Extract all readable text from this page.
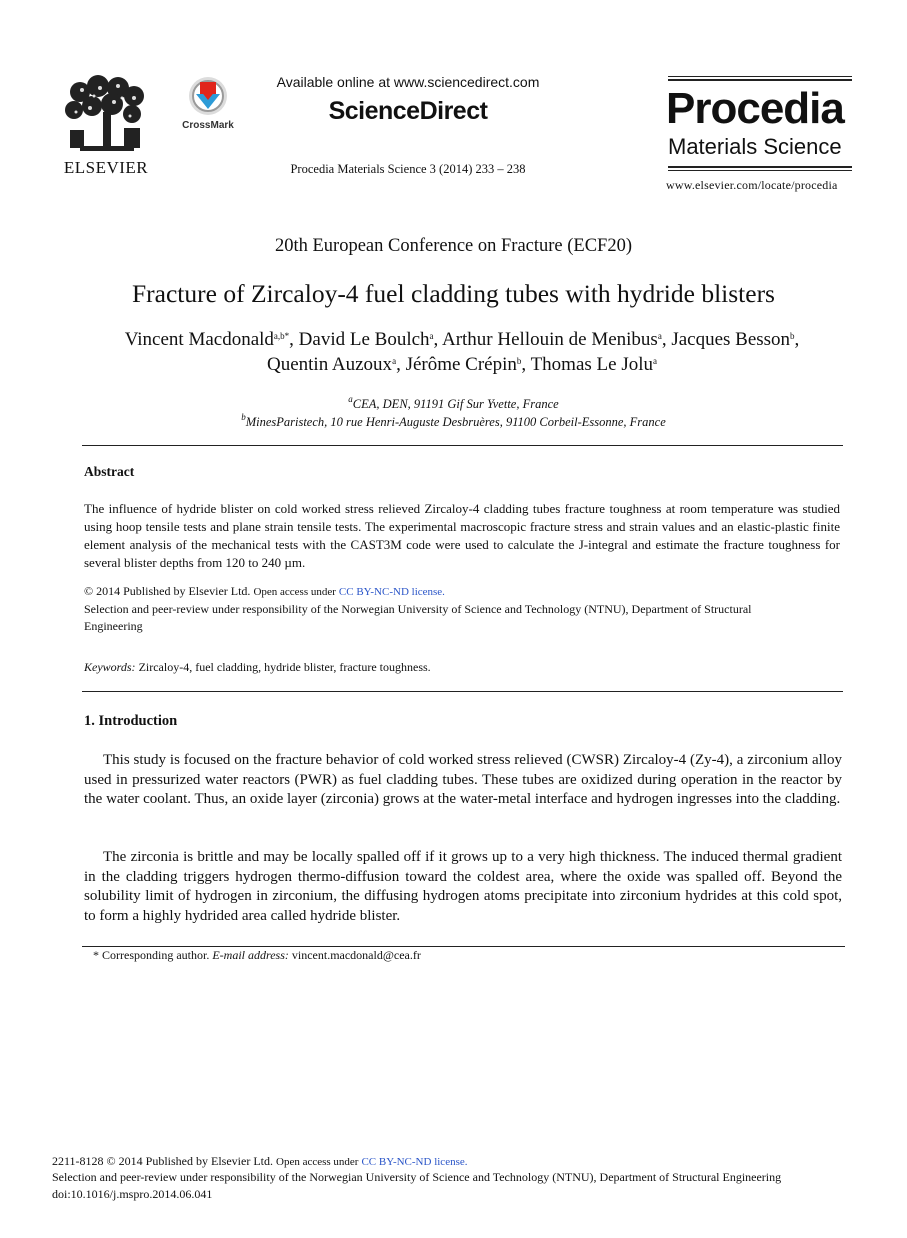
ELSEVIER
CrossMark
Available online at www.sciencedirect.com
ScienceDirect
Procedia Materials Science 3 (2014) 233 – 238
Procedia
Materials Science
www.elsevier.com/locate/procedia
20th European Conference on Fracture (ECF20)
Fracture of Zircaloy-4 fuel cladding tubes with hydride blisters
Vincent Macdonald$^{a,b*}$, David Le Boulch$^a$, Arthur Hellouin de Menibus$^a$, Jacques Besson$^b$, Quentin Auzoux$^a$, Jérôme Crépin$^b$, Thomas Le Jolu$^a$
$^a$CEA, DEN, 91191 Gif Sur Yvette, France
$^b$MinesParistech, 10 rue Henri-Auguste Desbruères, 91100 Corbeil-Essonne, France
Abstract
The influence of hydride blister on cold worked stress relieved Zircaloy-4 cladding tubes fracture toughness at room temperature was studied using hoop tensile tests and plane strain tensile tests. The experimental macroscopic fracture stress and strain values and an elastic-plastic finite element analysis of the mechanical tests with the CAST3M code were used to calculate the J-integral and estimate the fracture toughness for several blister depths from 120 to 240 µm.
© 2014 Published by Elsevier Ltd. Open access under CC BY-NC-ND license.
Selection and peer-review under responsibility of the Norwegian University of Science and Technology (NTNU), Department of Structural Engineering
Keywords: Zircaloy-4, fuel cladding, hydride blister, fracture toughness.
1. Introduction
This study is focused on the fracture behavior of cold worked stress relieved (CWSR) Zircaloy-4 (Zy-4), a zirconium alloy used in pressurized water reactors (PWR) as fuel cladding tubes. These tubes are oxidized during operation in the reactor by the water coolant. Thus, an oxide layer (zirconia) grows at the water-metal interface and hydrogen ingresses into the cladding.
The zirconia is brittle and may be locally spalled off if it grows up to a very high thickness. The induced thermal gradient in the cladding triggers hydrogen thermo-diffusion toward the coldest area, where the oxide was spalled off. Beyond the solubility limit of hydrogen in zirconium, the diffusing hydrogen atoms precipitate into zirconium hydrides at this cold spot, to form a highly hydrided area called hydride blister.
* Corresponding author. E-mail address: vincent.macdonald@cea.fr
2211-8128 © 2014 Published by Elsevier Ltd. Open access under CC BY-NC-ND license.
Selection and peer-review under responsibility of the Norwegian University of Science and Technology (NTNU), Department of Structural Engineering
doi:10.1016/j.mspro.2014.06.041
